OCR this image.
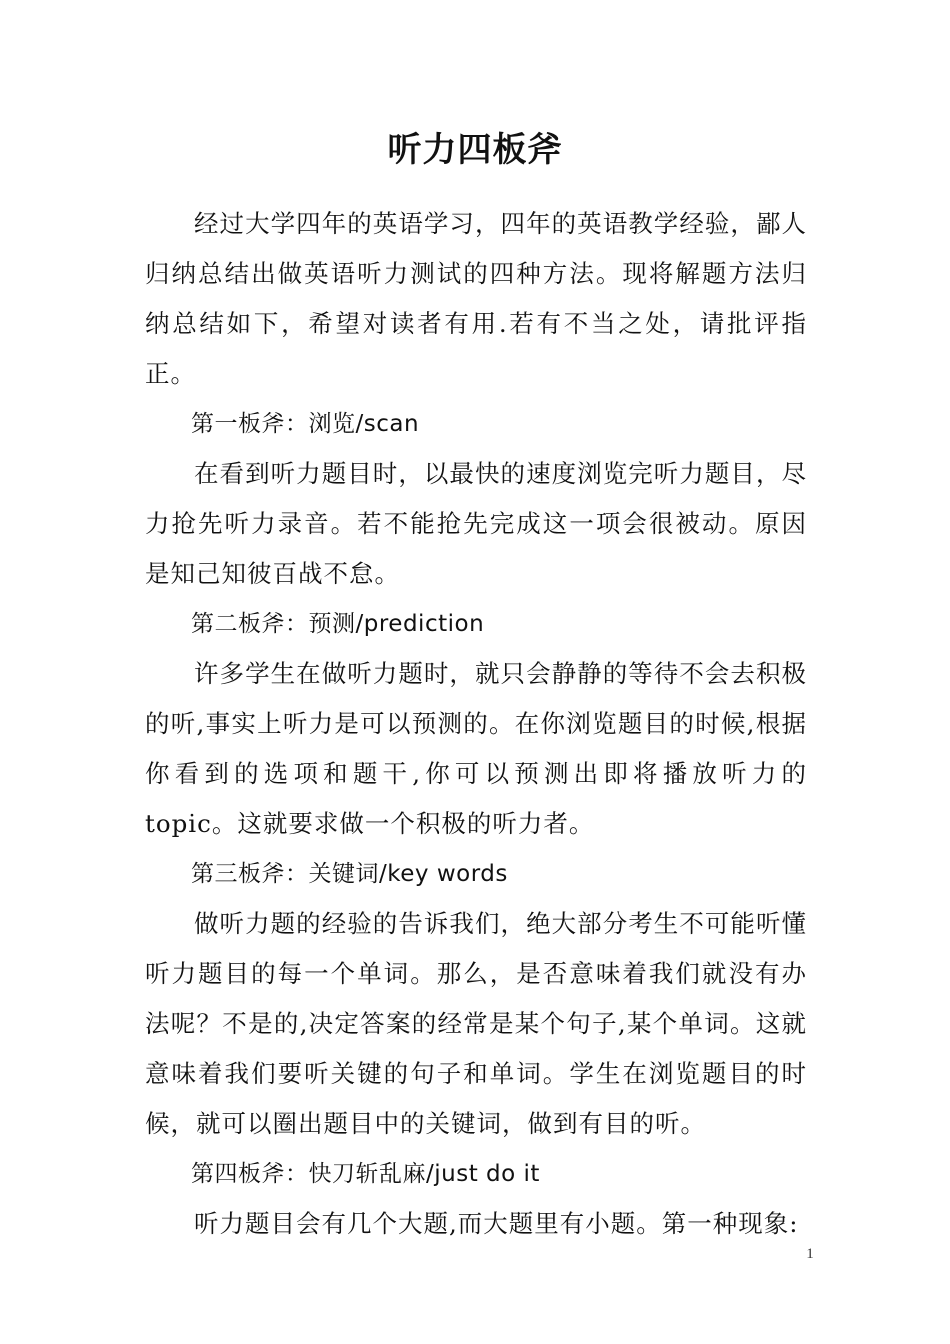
听力四板斧

经过大学四年的英语学习，四年的英语教学经验，鄙人归纳总结出做英语听力测试的四种方法。现将解题方法归纳总结如下，希望对读者有用.若有不当之处，请批评指正。

第一板斧：浏览/scan

在看到听力题目时，以最快的速度浏览完听力题目，尽力抢先听力录音。若不能抢先完成这一项会很被动。原因是知己知彼百战不怠。

第二板斧：预测/prediction

许多学生在做听力题时，就只会静静的等待不会去积极的听,事实上听力是可以预测的。在你浏览题目的时候,根据你看到的选项和题干,你可以预测出即将播放听力的topic。这就要求做一个积极的听力者。

第三板斧：关键词/key words

做听力题的经验的告诉我们，绝大部分考生不可能听懂听力题目的每一个单词。那么，是否意味着我们就没有办法呢？不是的,决定答案的经常是某个句子,某个单词。这就意味着我们要听关键的句子和单词。学生在浏览题目的时候，就可以圈出题目中的关键词，做到有目的听。

第四板斧：快刀斩乱麻/just do it

听力题目会有几个大题,而大题里有小题。第一种现象:

1
